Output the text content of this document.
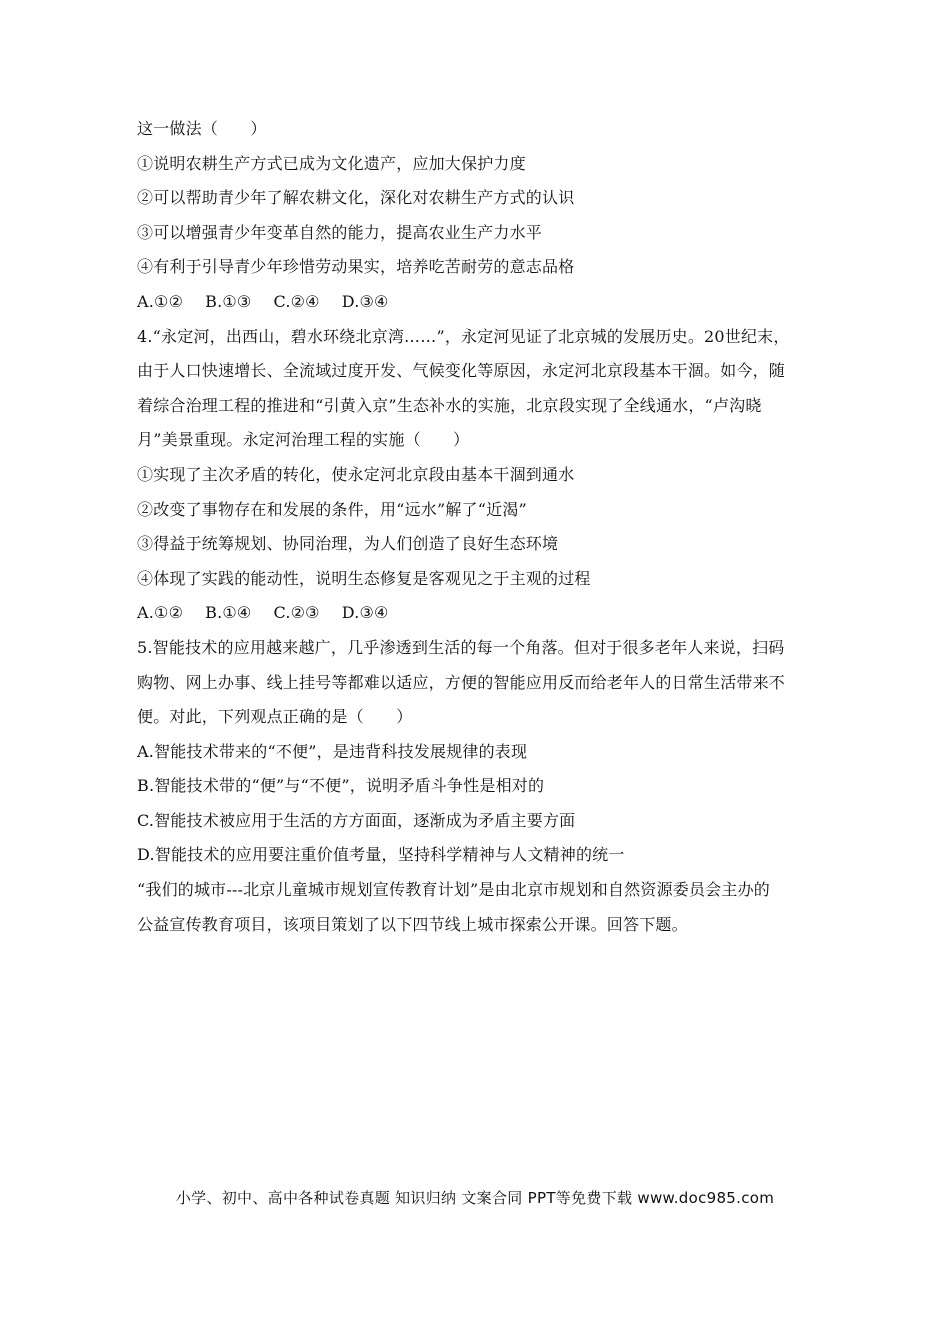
这一做法（　　）
①说明农耕生产方式已成为文化遗产，应加大保护力度
②可以帮助青少年了解农耕文化，深化对农耕生产方式的认识
③可以增强青少年变革自然的能力，提高农业生产力水平
④有利于引导青少年珍惜劳动果实，培养吃苦耐劳的意志品格
A.①② B.①③ C.②④ D.③④
4.“永定河，出西山，碧水环绕北京湾……”，永定河见证了北京城的发展历史。20世纪末，
由于人口快速增长、全流域过度开发、气候变化等原因，永定河北京段基本干涸。如今，随
着综合治理工程的推进和“引黄入京”生态补水的实施，北京段实现了全线通水，“卢沟晓
月”美景重现。永定河治理工程的实施（　　）
①实现了主次矛盾的转化，使永定河北京段由基本干涸到通水
②改变了事物存在和发展的条件，用“远水”解了“近渴”
③得益于统筹规划、协同治理，为人们创造了良好生态环境
④体现了实践的能动性，说明生态修复是客观见之于主观的过程
A.①② B.①④ C.②③ D.③④
5.智能技术的应用越来越广，几乎渗透到生活的每一个角落。但对于很多老年人来说，扫码
购物、网上办事、线上挂号等都难以适应，方便的智能应用反而给老年人的日常生活带来不
便。对此，下列观点正确的是（　　）
A.智能技术带来的“不便”，是违背科技发展规律的表现
B.智能技术带的“便”与“不便”，说明矛盾斗争性是相对的
C.智能技术被应用于生活的方方面面，逐渐成为矛盾主要方面
D.智能技术的应用要注重价值考量，坚持科学精神与人文精神的统一
“我们的城市---北京儿童城市规划宣传教育计划”是由北京市规划和自然资源委员会主办的
公益宣传教育项目，该项目策划了以下四节线上城市探索公开课。回答下题。
小学、初中、高中各种试卷真题 知识归纳 文案合同 PPT等免费下载 www.doc985.com
